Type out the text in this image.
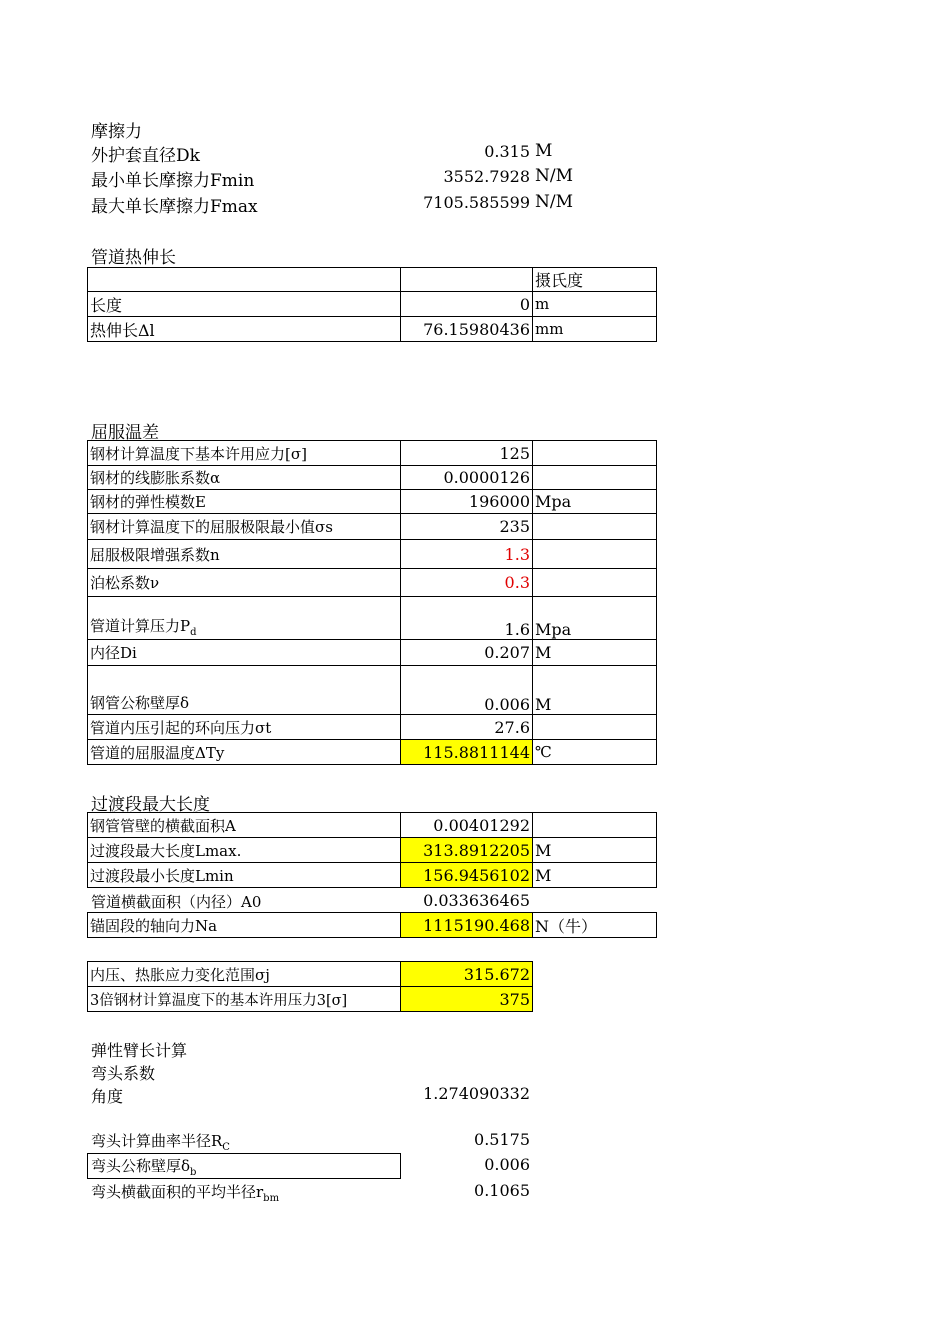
摩擦力
外护套直径Dk	0.315 M
最小单长摩擦力Fmin	3552.7928 N/M
最大单长摩擦力Fmax	7105.585599 N/M
管道热伸长
		摄氏度
长度	0	m
热伸长Δl	76.15980436	mm
屈服温差
钢材计算温度下基本许用应力[σ]	125	
钢材的线膨胀系数α	0.0000126	
钢材的弹性模数E	196000	Mpa
钢材计算温度下的屈服极限最小值σs	235	
屈服极限增强系数n	1.3	
泊松系数ν	0.3	
管道计算压力$P_d$	1.6	Mpa
内径Di	0.207	M
钢管公称壁厚δ	0.006	M
管道内压引起的环向压力σt	27.6	
管道的屈服温度ΔTy	115.8811144	℃
过渡段最大长度
钢管管壁的横截面积A	0.00401292	
过渡段最大长度Lmax.	313.8912205	M
过渡段最小长度Lmin	156.9456102	M
管道横截面积（内径）A0	0.033636465
锚固段的轴向力Na	1115190.468	N（牛）
内压、热胀应力变化范围σj	315.672
3倍钢材计算温度下的基本许用压力3[σ]	375
弹性臂长计算
弯头系数
角度	1.274090332
弯头计算曲率半径$R_C$	0.5175
弯头公称壁厚$\delta_b$	0.006
弯头横截面积的平均半径$r_{bm}$	0.1065
